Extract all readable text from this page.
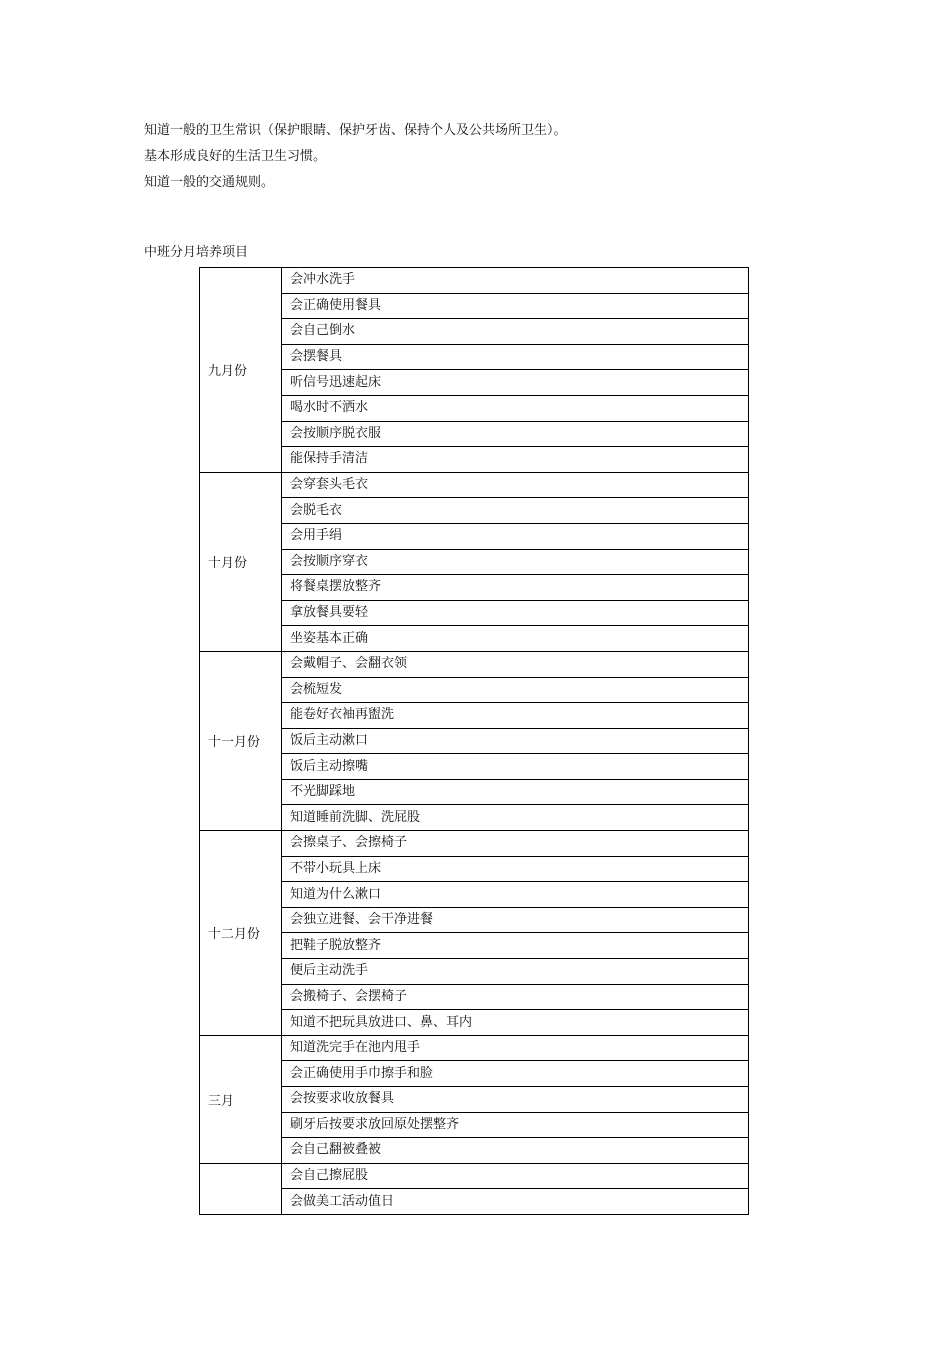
知道一般的卫生常识（保护眼睛、保护牙齿、保持个人及公共场所卫生）。

基本形成良好的生活卫生习惯。

知道一般的交通规则。

中班分月培养项目
九月份	会冲水洗手
	会正确使用餐具
	会自己倒水
	会摆餐具
	听信号迅速起床
	喝水时不洒水
	会按顺序脱衣服
	能保持手清洁
十月份	会穿套头毛衣
	会脱毛衣
	会用手绢
	会按顺序穿衣
	将餐桌摆放整齐
	拿放餐具要轻
	坐姿基本正确
十一月份	会戴帽子、会翻衣领
	会梳短发
	能卷好衣袖再盥洗
	饭后主动漱口
	饭后主动擦嘴
	不光脚踩地
	知道睡前洗脚、洗屁股
十二月份	会擦桌子、会擦椅子
	不带小玩具上床
	知道为什么漱口
	会独立进餐、会干净进餐
	把鞋子脱放整齐
	便后主动洗手
	会搬椅子、会摆椅子
	知道不把玩具放进口、鼻、耳内
三月	知道洗完手在池内甩手
	会正确使用手巾擦手和脸
	会按要求收放餐具
	刷牙后按要求放回原处摆整齐
	会自己翻被叠被
	会自己擦屁股
	会做美工活动值日
